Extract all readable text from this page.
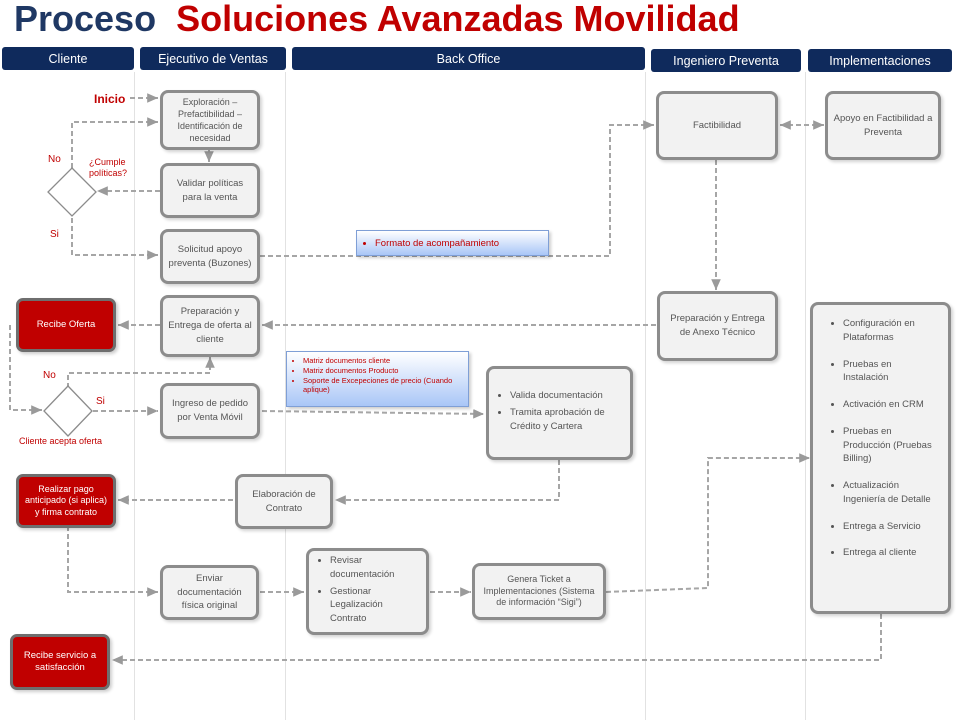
Proceso Soluciones Avanzadas Movilidad
Cliente	Ejecutivo de Ventas	Back Office	Ingeniero Preventa	Implementaciones
Inicio
No	¿Cumple políticas?
Si
No
Si
Cliente acepta oferta
Exploración – Prefactibilidad – Identificación de necesidad
Validar políticas para la venta
Solicitud apoyo preventa (Buzones)
Preparación y Entrega de oferta al cliente
Ingreso de pedido por Venta Móvil
Elaboración de Contrato
Enviar documentación física original
Factibilidad
Apoyo en Factibilidad a Preventa
Preparación y Entrega de Anexo Técnico
Genera Ticket a Implementaciones (Sistema de información “Sigi”)
• Valida documentación
• Tramita aprobación de Crédito y Cartera
• Revisar documentación
• Gestionar Legalización Contrato
• Configuración en Plataformas
• Pruebas en Instalación
• Activación en CRM
• Pruebas en Producción (Pruebas Billing)
• Actualización Ingeniería de Detalle
• Entrega a Servicio
• Entrega al cliente
Recibe Oferta
Realizar pago anticipado (si aplica) y firma contrato
Recibe servicio a satisfacción
• Formato de acompañamiento
• Matriz documentos cliente
• Matriz documentos Producto
• Soporte de Excepeciones de precio (Cuando aplique)
